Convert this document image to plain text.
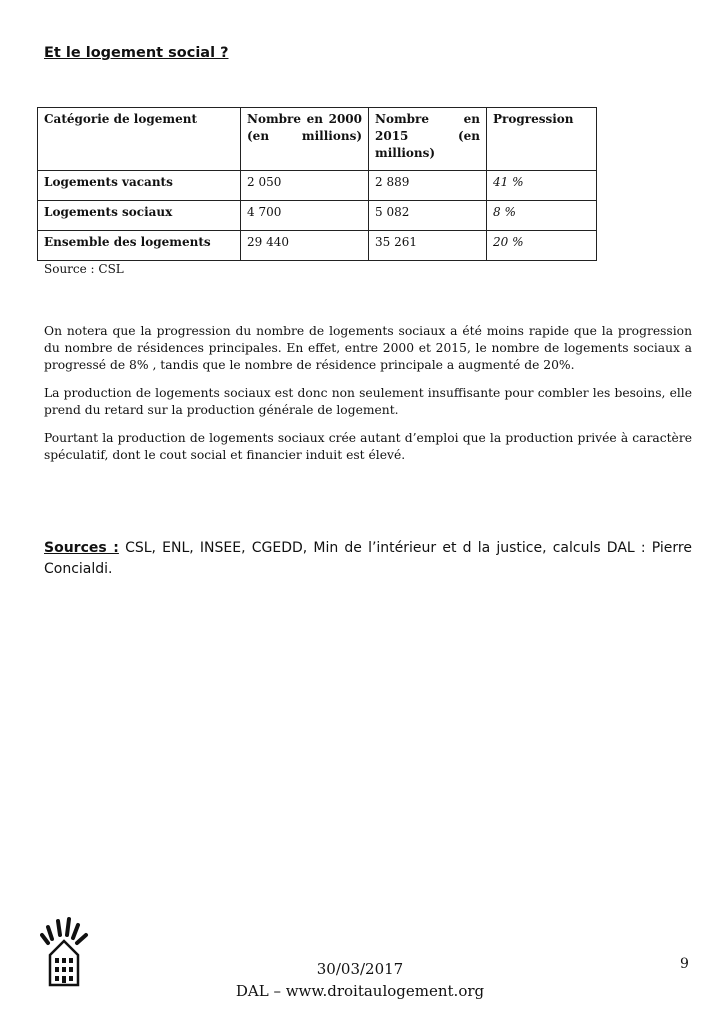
Et le logement social ?
Catégorie de logement	Nombre en 2000 (en millions)	Nombre en 2015 (en millions)	Progression
Logements vacants	2 050	2 889	41 %
Logements sociaux	4 700	5 082	8 %
Ensemble des logements	29 440	35 261	20 %
Source : CSL

On notera que la progression du nombre de logements sociaux a été moins rapide que la progression du nombre de résidences principales. En effet, entre 2000 et 2015, le nombre de logements sociaux a progressé de 8% , tandis que le nombre de résidence principale a augmenté de 20%.

La production de logements sociaux est donc non seulement insuffisante pour combler les besoins, elle prend du retard sur la production générale de logement.

Pourtant la production de logements sociaux crée autant d’emploi que la production privée à caractère spéculatif, dont le cout social et financier induit est élevé.

Sources : CSL, ENL, INSEE, CGEDD, Min de l’intérieur et d la justice, calculs DAL : Pierre Concialdi.
30/03/2017
DAL – www.droitaulogement.org
9
